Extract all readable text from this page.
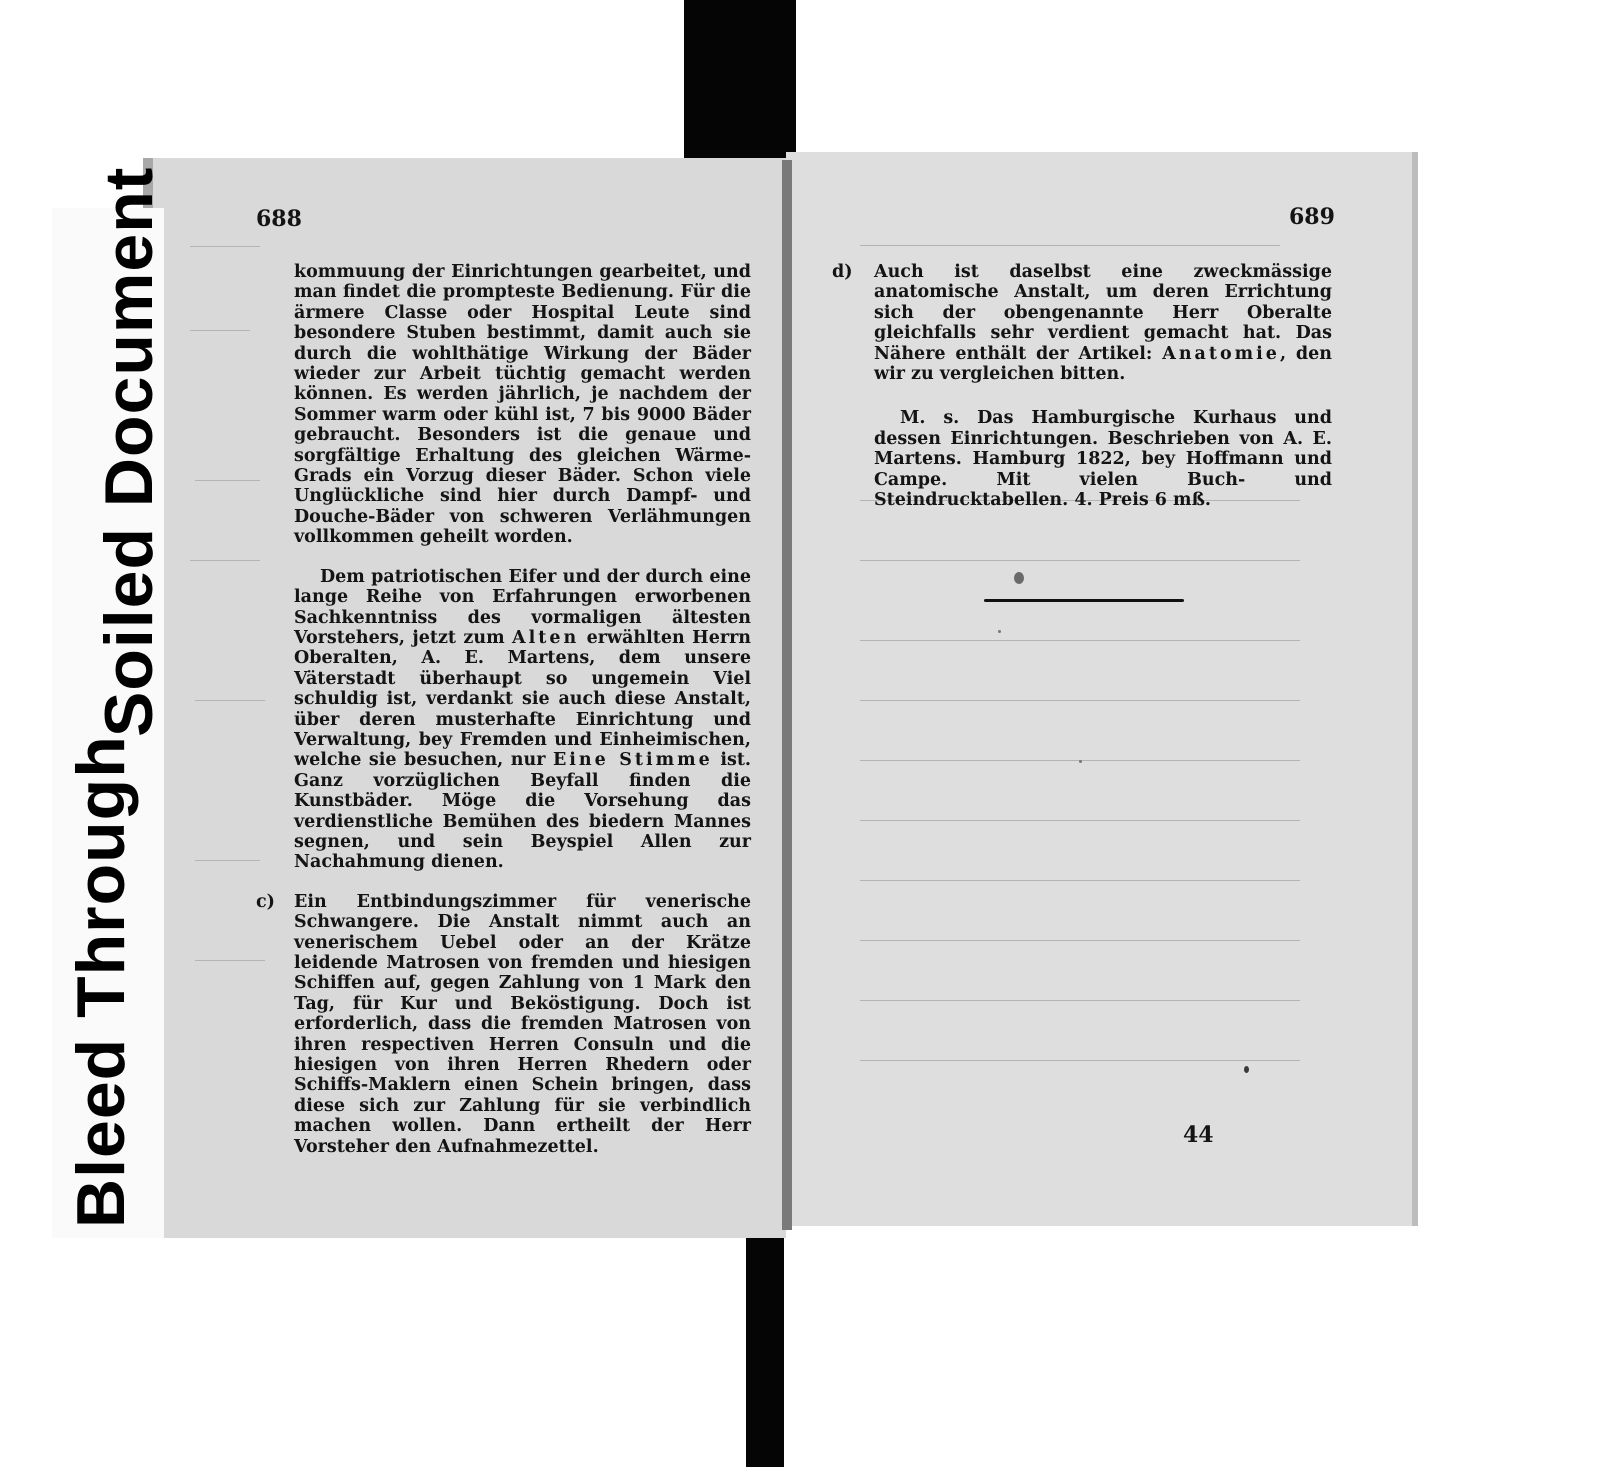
Soiled Document
Bleed Through
688	689

kommuung der Einrichtungen gearbeitet, und man findet die prompteste Bedienung. Für die ärmere Classe oder Hospital Leute sind besondere Stuben bestimmt, damit auch sie durch die wohlthätige Wirkung der Bäder wieder zur Arbeit tüchtig gemacht werden können. Es werden jährlich, je nachdem der Sommer warm oder kühl ist, 7 bis 9000 Bäder gebraucht. Besonders ist die genaue und sorgfältige Erhaltung des gleichen Wärme-Grads ein Vorzug dieser Bäder. Schon viele Unglückliche sind hier durch Dampf- und Douche-Bäder von schweren Verlähmungen vollkommen geheilt worden.

Dem patriotischen Eifer und der durch eine lange Reihe von Erfahrungen erworbenen Sachkenntniss des vormaligen ältesten Vorstehers, jetzt zum Alten erwählten Herrn Oberalten, A. E. Martens, dem unsere Väterstadt überhaupt so ungemein Viel schuldig ist, verdankt sie auch diese Anstalt, über deren musterhafte Einrichtung und Verwaltung, bey Fremden und Einheimischen, welche sie besuchen, nur Eine Stimme ist. Ganz vorzüglichen Beyfall finden die Kunstbäder. Möge die Vorsehung das verdienstliche Bemühen des biedern Mannes segnen, und sein Beyspiel Allen zur Nachahmung dienen.

c) Ein Entbindungszimmer für venerische Schwangere. Die Anstalt nimmt auch an venerischem Uebel oder an der Krätze leidende Matrosen von fremden und hiesigen Schiffen auf, gegen Zahlung von 1 Mark den Tag, für Kur und Beköstigung. Doch ist erforderlich, dass die fremden Matrosen von ihren respectiven Herren Consuln und die hiesigen von ihren Herren Rhedern oder Schiffs-Maklern einen Schein bringen, dass diese sich zur Zahlung für sie verbindlich machen wollen. Dann ertheilt der Herr Vorsteher den Aufnahmezettel.

d) Auch ist daselbst eine zweckmässige anatomische Anstalt, um deren Errichtung sich der obengenannte Herr Oberalte gleichfalls sehr verdient gemacht hat. Das Nähere enthält der Artikel: Anatomie, den wir zu vergleichen bitten.

M. s. Das Hamburgische Kurhaus und dessen Einrichtungen. Beschrieben von A. E. Martens. Hamburg 1822, bey Hoffmann und Campe. Mit vielen Buch- und Steindrucktabellen. 4. Preis 6 mß.

44
